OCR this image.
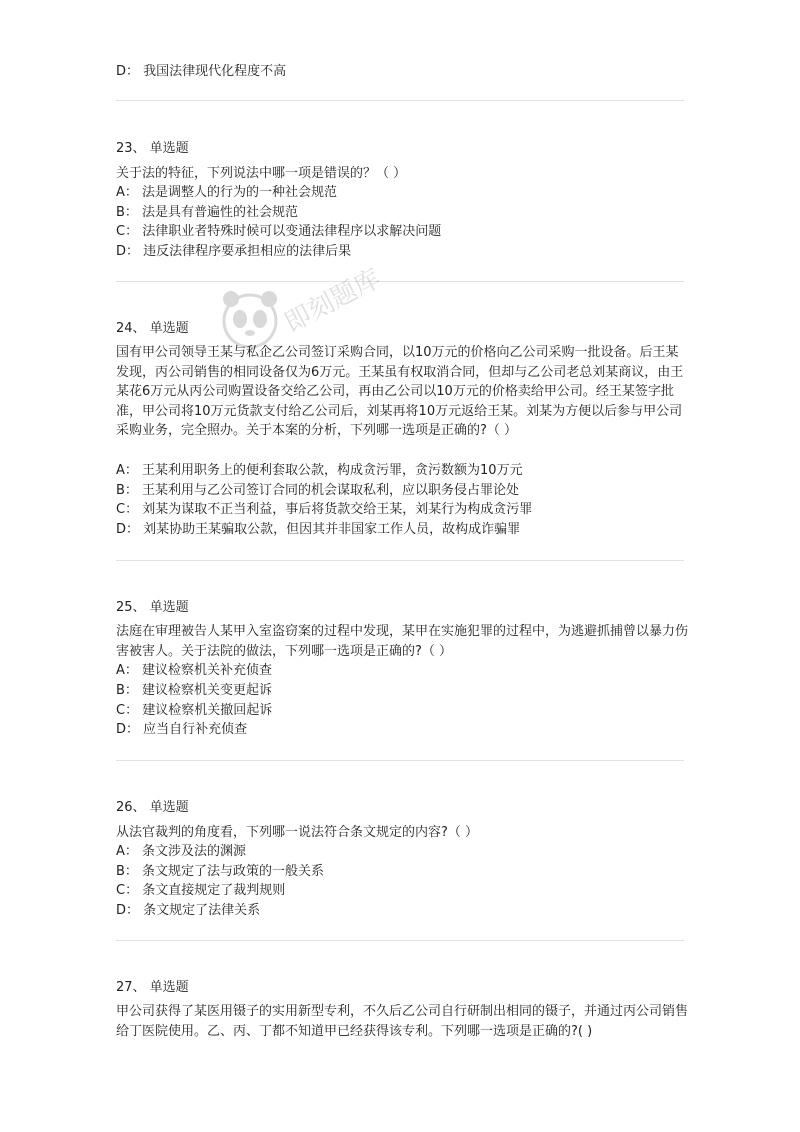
D： 我国法律现代化程度不高
23、 单选题
关于法的特征，下列说法中哪一项是错误的？（ ）
A： 法是调整人的行为的一种社会规范
B： 法是具有普遍性的社会规范
C： 法律职业者特殊时候可以变通法律程序以求解决问题
D： 违反法律程序要承担相应的法律后果
24、 单选题
国有甲公司领导王某与私企乙公司签订采购合同，以10万元的价格向乙公司采购一批设备。后王某发现，丙公司销售的相同设备仅为6万元。王某虽有权取消合同，但却与乙公司老总刘某商议，由王某花6万元从丙公司购置设备交给乙公司，再由乙公司以10万元的价格卖给甲公司。经王某签字批准，甲公司将10万元货款支付给乙公司后，刘某再将10万元返给王某。刘某为方便以后参与甲公司采购业务，完全照办。关于本案的分析，下列哪一选项是正确的?（ ）
A： 王某利用职务上的便利套取公款，构成贪污罪，贪污数额为10万元
B： 王某利用与乙公司签订合同的机会谋取私利，应以职务侵占罪论处
C： 刘某为谋取不正当利益，事后将货款交给王某，刘某行为构成贪污罪
D： 刘某协助王某骗取公款，但因其并非国家工作人员，故构成诈骗罪
25、 单选题
法庭在审理被告人某甲入室盗窃案的过程中发现，某甲在实施犯罪的过程中，为逃避抓捕曾以暴力伤害被害人。关于法院的做法，下列哪一选项是正确的?（ ）
A： 建议检察机关补充侦查
B： 建议检察机关变更起诉
C： 建议检察机关撤回起诉
D： 应当自行补充侦查
26、 单选题
从法官裁判的角度看，下列哪一说法符合条文规定的内容?（ ）
A： 条文涉及法的渊源
B： 条文规定了法与政策的一般关系
C： 条文直接规定了裁判规则
D： 条文规定了法律关系
27、 单选题
甲公司获得了某医用镊子的实用新型专利，不久后乙公司自行研制出相同的镊子，并通过丙公司销售给丁医院使用。乙、丙、丁都不知道甲已经获得该专利。下列哪一选项是正确的?( )
即刻题库
